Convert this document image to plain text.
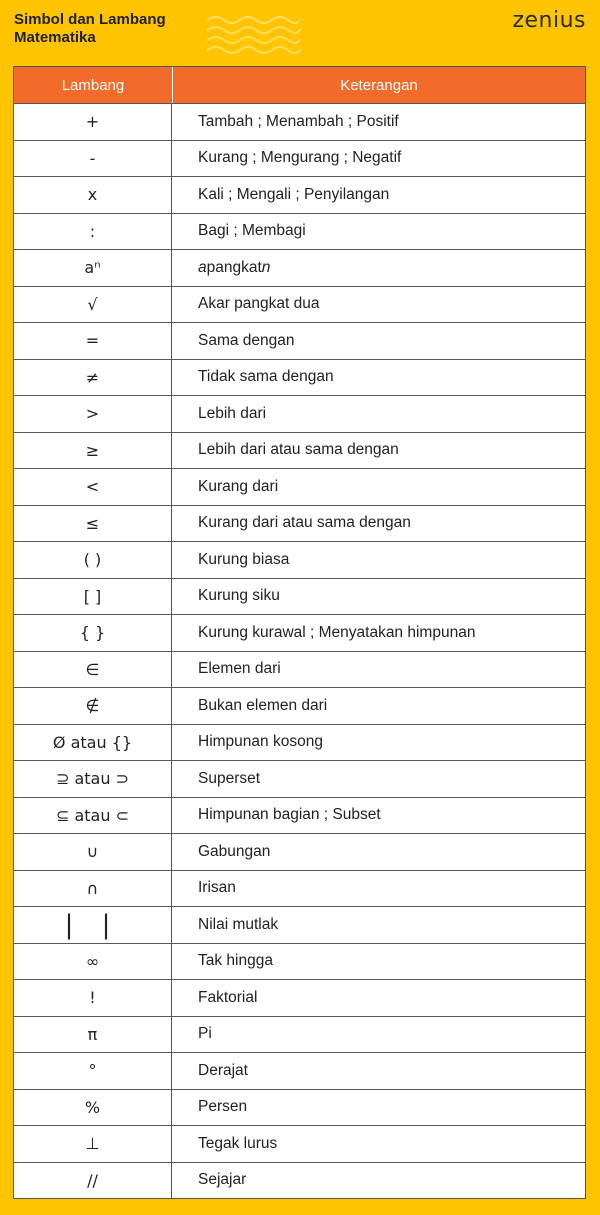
Simbol dan Lambang
Matematika
zenius
Lambang	Keterangan
+	Tambah ; Menambah ; Positif
-	Kurang ; Mengurang ; Negatif
x	Kali ; Mengali ; Penyilangan
:	Bagi ; Membagi
aⁿ	a pangkat n
√	Akar pangkat dua
=	Sama dengan
≠	Tidak sama dengan
>	Lebih dari
≥	Lebih dari atau sama dengan
<	Kurang dari
≤	Kurang dari atau sama dengan
( )	Kurung biasa
[ ]	Kurung siku
{ }	Kurung kurawal ; Menyatakan himpunan
∈	Elemen dari
∉	Bukan elemen dari
Ø atau {}	Himpunan kosong
⊇ atau ⊃	Superset
⊆ atau ⊂	Himpunan bagian ; Subset
∪	Gabungan
∩	Irisan
| |	Nilai mutlak
∞	Tak hingga
!	Faktorial
π	Pi
°	Derajat
%	Persen
⊥	Tegak lurus
//	Sejajar
